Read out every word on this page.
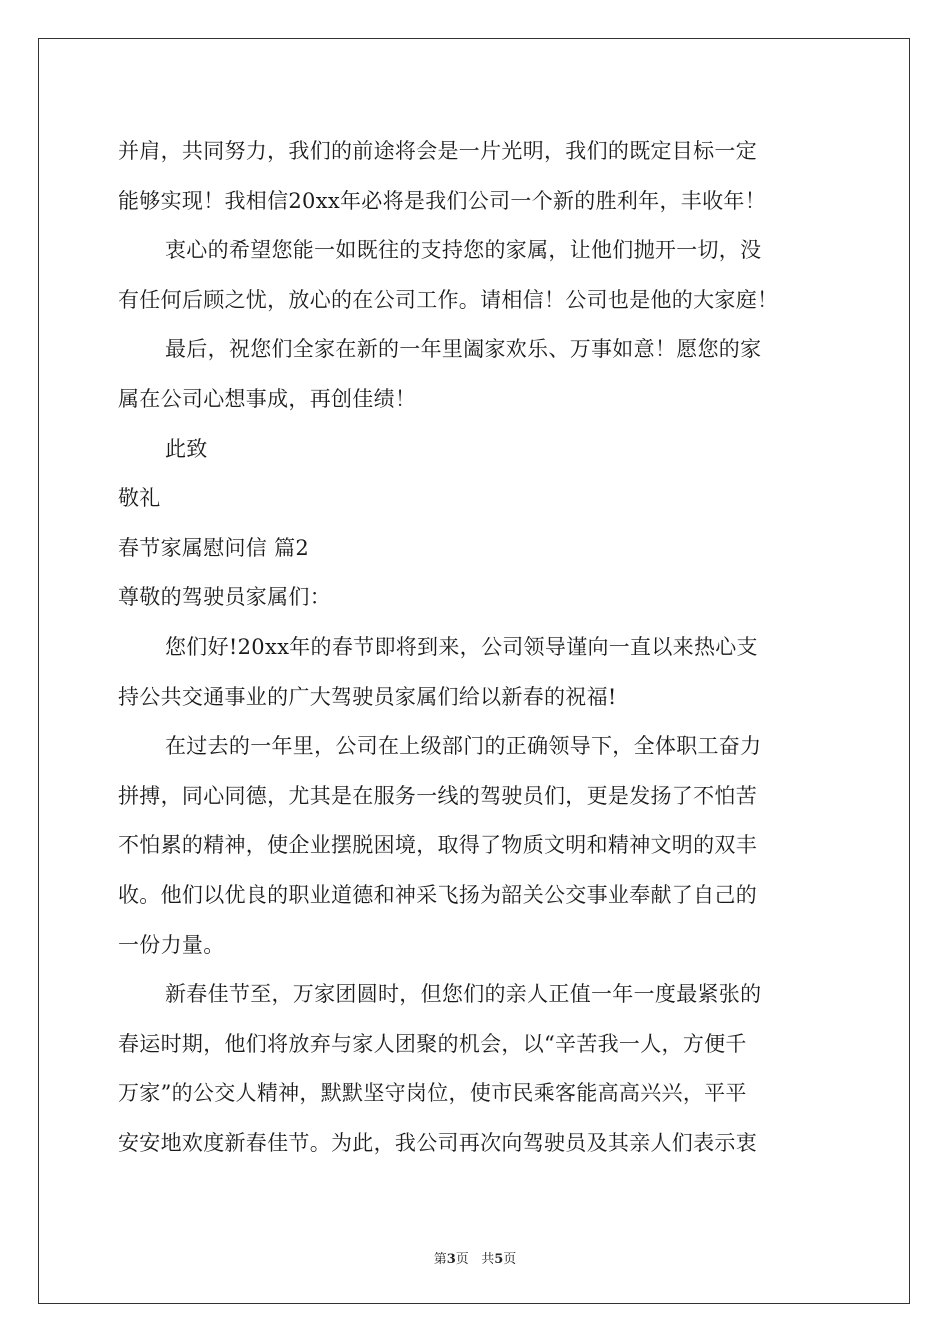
并肩，共同努力，我们的前途将会是一片光明，我们的既定目标一定
能够实现！我相信20xx年必将是我们公司一个新的胜利年，丰收年！
衷心的希望您能一如既往的支持您的家属，让他们抛开一切，没
有任何后顾之忧，放心的在公司工作。请相信！公司也是他的大家庭！
最后，祝您们全家在新的一年里阖家欢乐、万事如意！愿您的家
属在公司心想事成，再创佳绩！
此致
敬礼
春节家属慰问信 篇2
尊敬的驾驶员家属们：
您们好!20xx年的春节即将到来，公司领导谨向一直以来热心支
持公共交通事业的广大驾驶员家属们给以新春的祝福!
在过去的一年里，公司在上级部门的正确领导下，全体职工奋力
拼搏，同心同德，尤其是在服务一线的驾驶员们，更是发扬了不怕苦
不怕累的精神，使企业摆脱困境，取得了物质文明和精神文明的双丰
收。他们以优良的职业道德和神采飞扬为韶关公交事业奉献了自己的
一份力量。
新春佳节至，万家团圆时，但您们的亲人正值一年一度最紧张的
春运时期，他们将放弃与家人团聚的机会，以“辛苦我一人，方便千
万家”的公交人精神，默默坚守岗位，使市民乘客能高高兴兴，平平
安安地欢度新春佳节。为此，我公司再次向驾驶员及其亲人们表示衷
第3页 共5页
